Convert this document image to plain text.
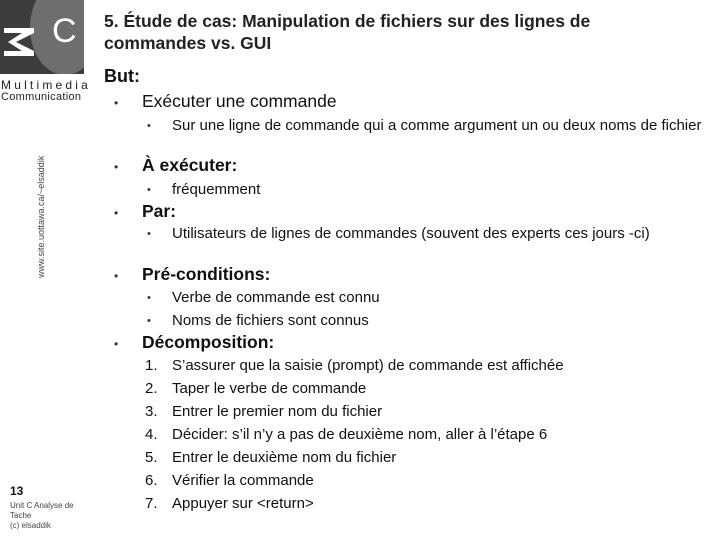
C
Multimedia
Communication
www.site.uottawa.ca/~elsaddik
5. Étude de cas: Manipulation de fichiers sur des lignes de commandes vs. GUI
But:
• Exécuter une commande
• Sur une ligne de commande qui a comme argument un ou deux noms de fichier
• À exécuter:
• fréquemment
• Par:
• Utilisateurs de lignes de commandes (souvent des experts ces jours -ci)
• Pré-conditions:
• Verbe de commande est connu
• Noms de fichiers sont connus
• Décomposition:
1. S’assurer que la saisie (prompt) de commande est affichée
2. Taper le verbe de commande
3. Entrer le premier nom du fichier
4. Décider: s’il n’y a pas de deuxième nom, aller à l’étape 6
5. Entrer le deuxième nom du fichier
6. Vérifier la commande
7. Appuyer sur <return>
13
Unit C Analyse de Tache
(c) elsaddik
